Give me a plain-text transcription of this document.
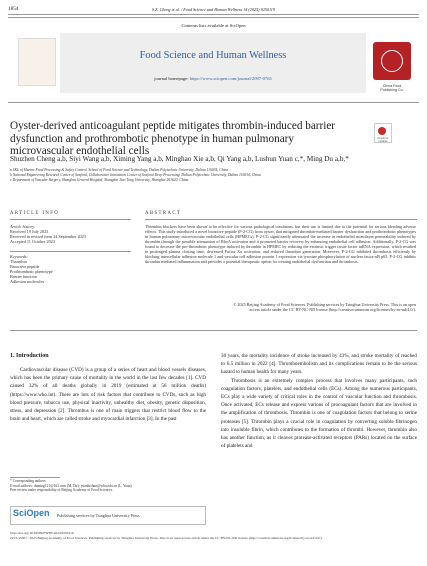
1854	S.Z. Cheng et al. / Food Science and Human Wellness 14 (2025) 9250119
Contents lists available at SciOpen
Food Science and Human Wellness
journal homepage: https://www.sciopen.com/journal/2097-0765
China Food
Publishing Co.
Oyster-derived anticoagulant peptide mitigates thrombin-induced barrier dysfunction and prothrombotic phenotype in human pulmonary microvascular endothelial cells
Check for updates
Shuzhen Cheng a,b, Siyi Wang a,b, Ximing Yang a,b, Minghao Xie a,b, Qi Yang a,b, Lushun Yuan c,*, Ming Du a,b,*
a SKL of Marine Food Processing & Safety Control, School of Food Science and Technology, Dalian Polytechnic University, Dalian 116034, China
b National Engineering Research Center of Seafood, Collaborative Innovation Center of Seafood Deep Processing, Dalian Polytechnic University, Dalian 116034, China
c Department of Vascular Surgery, Shanghai General Hospital, Shanghai Jiao Tong University, Shanghai 201620, China
ARTICLE INFO
Article history:
Received 19 July 2023
Received in revised form 24 September 2023
Accepted 11 October 2023
Keywords:
Thrombin
Bioactive peptide
Prothrombotic phenotype
Barrier function
Adhesion molecules
ABSTRACT
Thrombin blockers have been shown to be effective for various pathological conditions, but their use is limited due to the potential for serious bleeding adverse effects. This study introduced a novel bioactive peptide (P-2-CG) from oyster, that mitigated thrombin-mediated barrier dysfunction and prothrombotic phenotypes in human pulmonary microvascular endothelial cells (HPMECs). P-2-CG significantly attenuated the increase in endothelial monolayer permeability induced by thrombin through the possible attenuation of RhoA activation and it promoted barrier recovery by enhancing endothelial cell adhesion. Additionally, P-2-CG was found to decrease the pro-thrombotic phenotype induced by thrombin in HPMEC by reducing the extrinsic trigger tissue factor mRNA expression, which resulted in prolonged plasma clotting time, decreased Factor Xa activation, and reduced thrombin generation. Moreover, P-2-CG inhibited thrombosis efficiently by blocking intercellular adhesion molecule 1 and vascular cell adhesion protein 1 expression via tyrosine phosphorylation of nuclear factor-κB p65. P-2-CG inhibits thrombin mediated inflammation and provides a potential therapeutic option for treating endothelial dysfunction and thrombosis.
© 2025 Beijing Academy of Food Sciences. Publishing services by Tsinghua University Press. This is an open access article under the CC BY-NC-ND license (http://creativecommons.org/licenses/by-nc-nd/4.0/).
1. Introduction
Cardiovascular disease (CVD) is a group of a series of heart and blood vessels diseases, which has been the primary cause of mortality in the world in the last few decades [1]. CVD caused 32% of all deaths globally in 2019 (estimated at 56 million deaths) (https://www.who.int). There are lots of risk factors that contribute to CVDs, such as high blood pressure, tobacco use, physical inactivity, unhealthy diet, obesity, genetic disposition, stress, and depression [2]. Thrombus is one of main triggers that restrict blood flow to the brain and heart, which are called stroke and myocardial infarction [3]. In the past

30 years, the mortality incidence of stroke increased by 43%, and stroke mortality of reached to 6.5 million in 2022 [4]. Thromboembolism and its complications remain to be the serious hazard to human health for many years.

Thrombosis is an extremely complex process that involves many participants, such coagulation factors, platelets, and endothelial cells (ECs). Among the numerous participants, ECs play a wide variety of critical roles in the control of vascular function and thrombosis. Once activated, ECs release and express various of procoagulant factors that are involved in the amplification of thrombosis. Thrombin is one of coagulation factors that belong to serine proteases [5]. Thrombin plays a crucial role in coagulation by converting soluble fibrinogen into insoluble fibrin, which contributes to the formation of thrombi. However, thrombin also has another function, as it cleaves protease-activated receptors (PARs) located on the surface of platelets and

* Corresponding authors.
E-mail address: duming121@163.com (M. Du); yuanlushun@whu.edu.cn (L. Yuan)
Peer review under responsibility of Beijing Academy of Food Sciences.
SciOpen Publishing services by Tsinghua University Press
http://doi.org/10.26599/FSHW.2024.9250119
2213-4530/© 2025 Beijing Academy of Food Sciences. Publishing services by Tsinghua University Press. This is an open access article under the CC BY-NC-ND license (http://creativecommons.org/licenses/by-nc-nd/4.0/).
